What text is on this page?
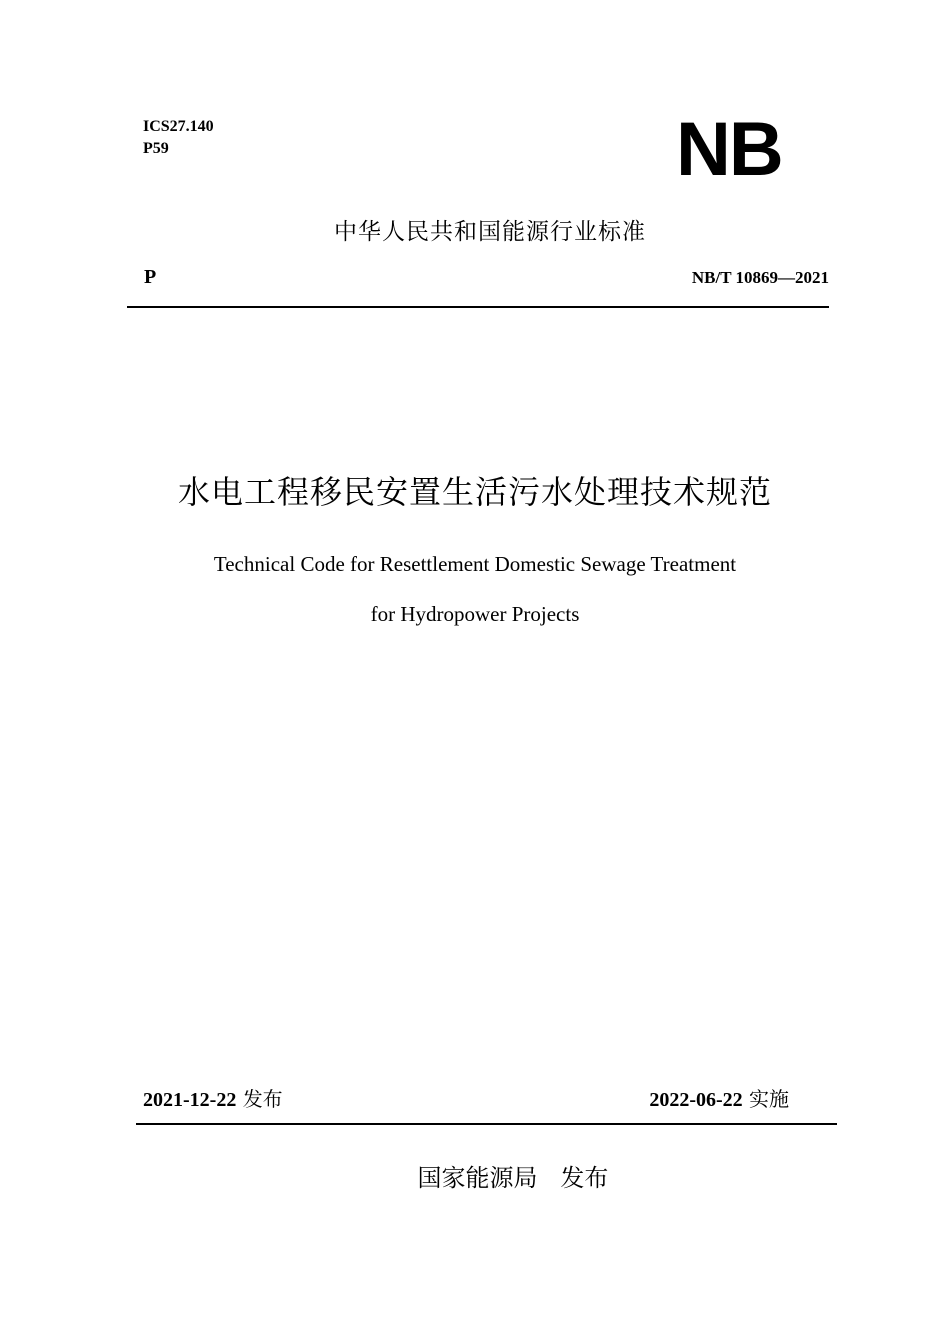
ICS27.140
P59	NB
中华人民共和国能源行业标准
P	NB/T 10869—2021
水电工程移民安置生活污水处理技术规范
Technical Code for Resettlement Domestic Sewage Treatment
for Hydropower Projects
2021-12-22 发布	2022-06-22 实施
国家能源局   发布
